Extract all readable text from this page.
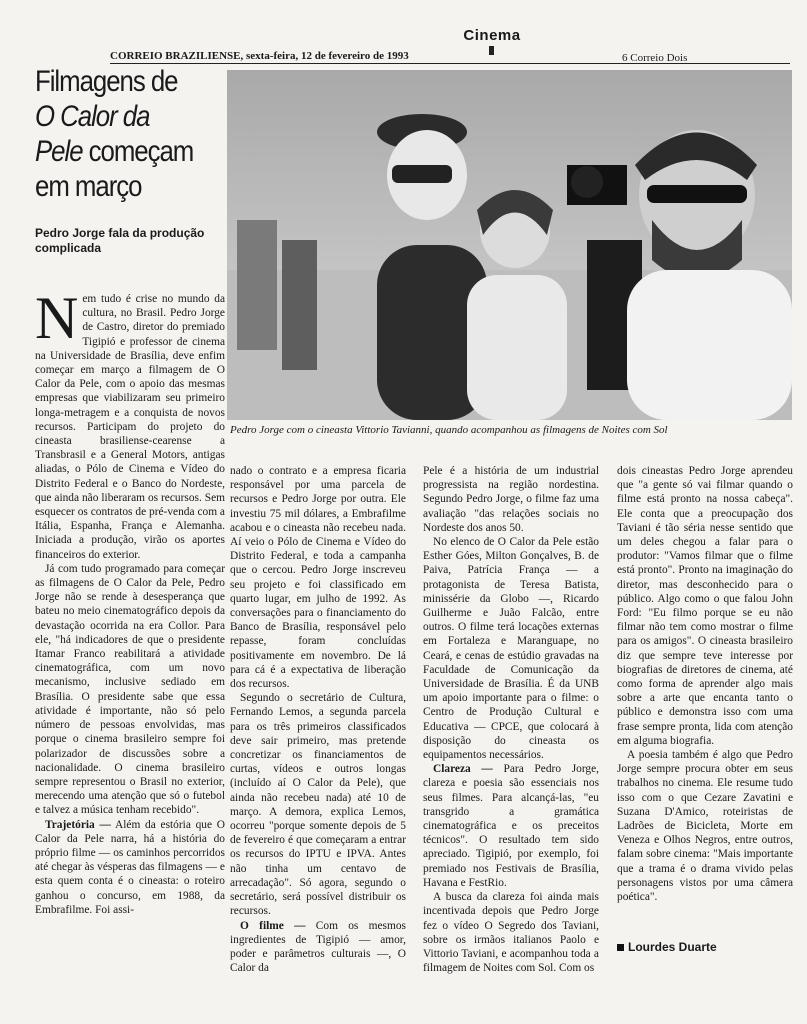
CORREIO BRAZILIENSE, sexta-feira, 12 de fevereiro de 1993	6 Correio Dois
Cinema
Filmagens de O Calor da Pele começam em março
Pedro Jorge fala da produção complicada
Pedro Jorge com o cineasta Vittorio Tavianni, quando acompanhou as filmagens de Noites com Sol

Nem tudo é crise no mundo da cultura, no Brasil. Pedro Jorge de Castro, diretor do premiado Tigipió e professor de cinema na Universidade de Brasília, deve enfim começar em março a filmagem de O Calor da Pele, com o apoio das mesmas empresas que viabilizaram seu primeiro longa-metragem e a conquista de novos recursos. Participam do projeto do cineasta brasiliense-cearense a Transbrasil e a General Motors, antigas aliadas, o Pólo de Cinema e Vídeo do Distrito Federal e o Banco do Nordeste, que ainda não liberaram os recursos. Sem esquecer os contratos de pré-venda com a Itália, Espanha, França e Alemanha. Iniciada a produção, virão os aportes financeiros do exterior.

Já com tudo programado para começar as filmagens de O Calor da Pele, Pedro Jorge não se rende à desesperança que bateu no meio cinematográfico depois da devastação ocorrida na era Collor. Para ele, "há indicadores de que o presidente Itamar Franco reabilitará a atividade cinematográfica, com um novo mecanismo, inclusive sediado em Brasília. O presidente sabe que essa atividade é importante, não só pelo número de pessoas envolvidas, mas porque o cinema brasileiro sempre foi polarizador de discussões sobre a nacionalidade. O cinema brasileiro sempre representou o Brasil no exterior, merecendo uma atenção que só o futebol e talvez a música tenham recebido".

Trajetória — Além da estória que O Calor da Pele narra, há a história do próprio filme — os caminhos percorridos até chegar às vésperas das filmagens — e esta quem conta é o cineasta: o roteiro ganhou o concurso, em 1988, da Embrafilme. Foi assi-

nado o contrato e a empresa ficaria responsável por uma parcela de recursos e Pedro Jorge por outra. Ele investiu 75 mil dólares, a Embrafilme acabou e o cineasta não recebeu nada. Aí veio o Pólo de Cinema e Vídeo do Distrito Federal, e toda a campanha que o cercou. Pedro Jorge inscreveu seu projeto e foi classificado em quarto lugar, em julho de 1992. As conversações para o financiamento do Banco de Brasília, responsável pelo repasse, foram concluídas positivamente em novembro. De lá para cá é a expectativa de liberação dos recursos.

Segundo o secretário de Cultura, Fernando Lemos, a segunda parcela para os três primeiros classificados deve sair primeiro, mas pretende concretizar os financiamentos de curtas, vídeos e outros longas (incluído aí O Calor da Pele), que ainda não recebeu nada) até 10 de março. A demora, explica Lemos, ocorreu "porque somente depois de 5 de fevereiro é que começaram a entrar os recursos do IPTU e IPVA. Antes não tinha um centavo de arrecadação". Só agora, segundo o secretário, será possível distribuir os recursos.

O filme — Com os mesmos ingredientes de Tigipió — amor, poder e parâmetros culturais —, O Calor da

Pele é a história de um industrial progressista na região nordestina. Segundo Pedro Jorge, o filme faz uma avaliação "das relações sociais no Nordeste dos anos 50.

No elenco de O Calor da Pele estão Esther Góes, Milton Gonçalves, B. de Paiva, Patrícia França — a protagonista de Teresa Batista, minissérie da Globo —, Ricardo Guilherme e Juão Falcão, entre outros. O filme terá locações externas em Fortaleza e Maranguape, no Ceará, e cenas de estúdio gravadas na Faculdade de Comunicação da Universidade de Brasília. É da UNB um apoio importante para o filme: o Centro de Produção Cultural e Educativa — CPCE, que colocará à disposição do cineasta os equipamentos necessários.

Clareza — Para Pedro Jorge, clareza e poesia são essenciais nos seus filmes. Para alcançá-las, "eu transgrido a gramática cinematográfica e os preceitos técnicos". O resultado tem sido apreciado. Tigipió, por exemplo, foi premiado nos Festivais de Brasília, Havana e FestRio.

A busca da clareza foi ainda mais incentivada depois que Pedro Jorge fez o vídeo O Segredo dos Taviani, sobre os irmãos italianos Paolo e Vittorio Taviani, e acompanhou toda a filmagem de Noites com Sol. Com os

dois cineastas Pedro Jorge aprendeu que "a gente só vai filmar quando o filme está pronto na nossa cabeça". Ele conta que a preocupação dos Taviani é tão séria nesse sentido que um deles chegou a falar para o produtor: "Vamos filmar que o filme está pronto". Pronto na imaginação do diretor, mas desconhecido para o público. Algo como o que falou John Ford: "Eu filmo porque se eu não filmar não tem como mostrar o filme para os amigos". O cineasta brasileiro diz que sempre teve interesse por biografias de diretores de cinema, até como forma de aprender algo mais sobre a arte que encanta tanto o público e demonstra isso com uma frase sempre pronta, lida com atenção em alguma biografia.

A poesia também é algo que Pedro Jorge sempre procura obter em seus trabalhos no cinema. Ele resume tudo isso com o que Cezare Zavatini e Suzana D'Amico, roteiristas de Ladrões de Bicicleta, Morte em Veneza e Olhos Negros, entre outros, falam sobre cinema: "Mais importante que a trama é o drama vivido pelas personagens vistos por uma câmera poética".

Lourdes Duarte
